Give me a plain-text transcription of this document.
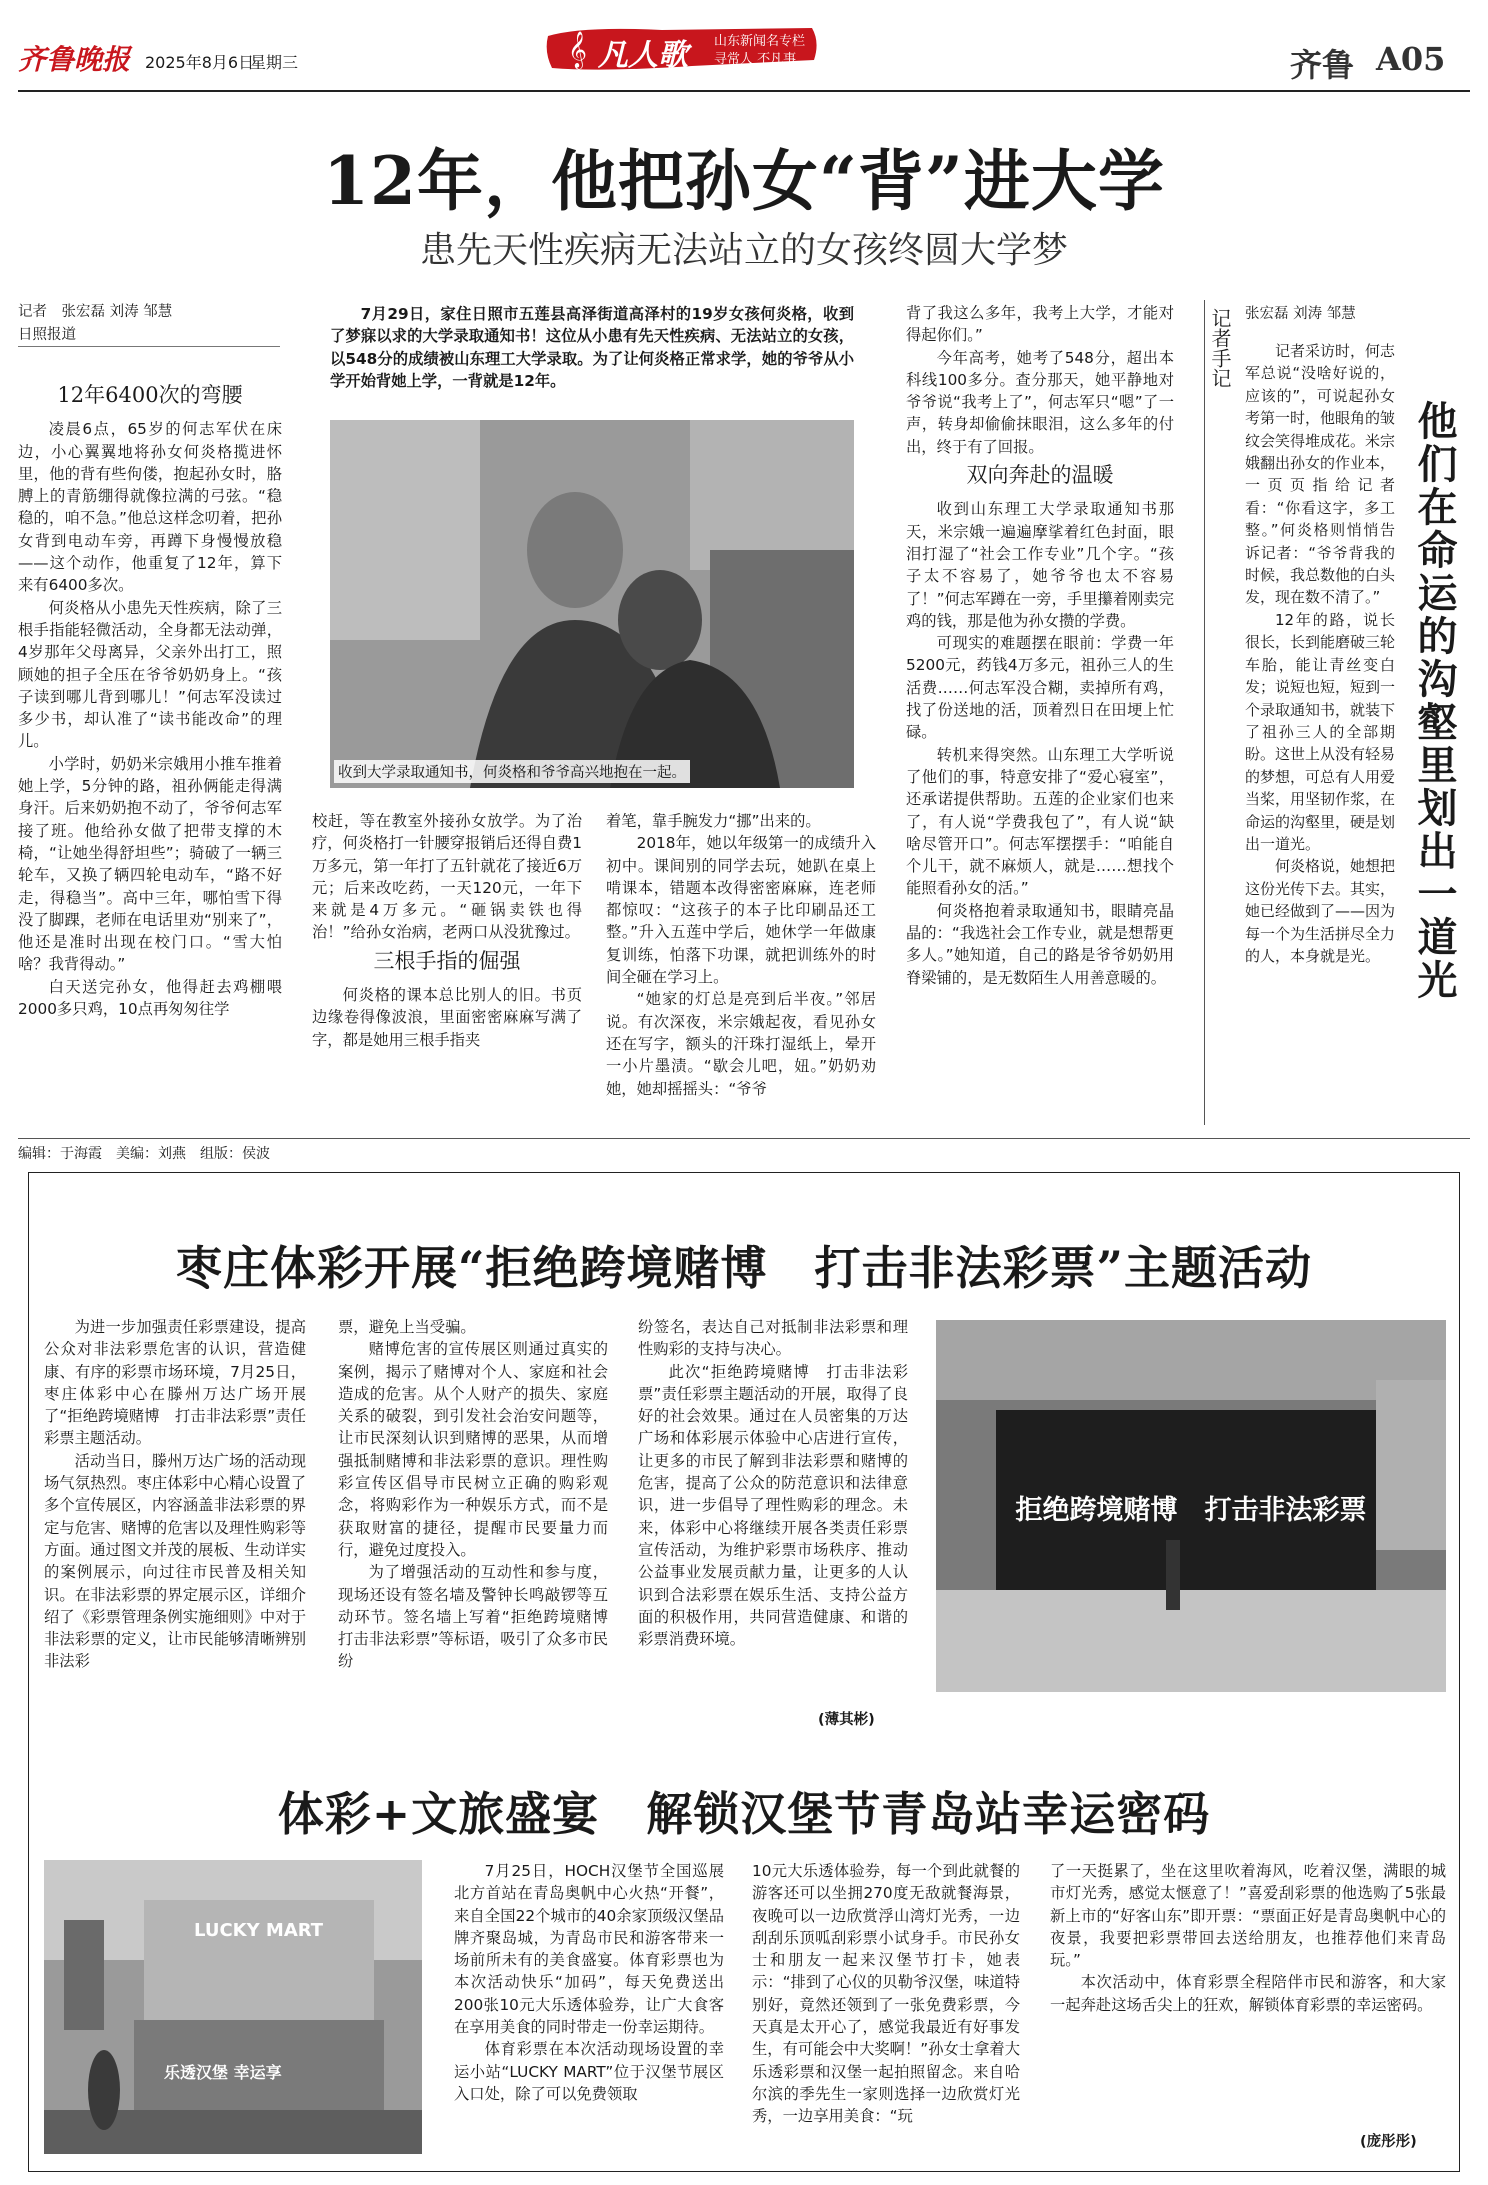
齐鲁晚报 2025年8月6日
星期三	𝄞 凡人歌 山东新闻名专栏
寻常人 不凡事	齐鲁 A05
12年，他把孙女“背”进大学
患先天性疾病无法站立的女孩终圆大学梦
记者　张宏磊 刘涛 邹慧
日照报道
7月29日，家住日照市五莲县高泽街道高泽村的19岁女孩何炎格，收到了梦寐以求的大学录取通知书！这位从小患有先天性疾病、无法站立的女孩，以548分的成绩被山东理工大学录取。为了让何炎格正常求学，她的爷爷从小学开始背她上学，一背就是12年。
收到大学录取通知书，何炎格和爷爷高兴地抱在一起。
12年6400次的弯腰

凌晨6点，65岁的何志军伏在床边，小心翼翼地将孙女何炎格揽进怀里，他的背有些佝偻，抱起孙女时，胳膊上的青筋绷得就像拉满的弓弦。“稳稳的，咱不急。”他总这样念叨着，把孙女背到电动车旁，再蹲下身慢慢放稳——这个动作，他重复了12年，算下来有6400多次。

何炎格从小患先天性疾病，除了三根手指能轻微活动，全身都无法动弹，4岁那年父母离异，父亲外出打工，照顾她的担子全压在爷爷奶奶身上。“孩子读到哪儿背到哪儿！”何志军没读过多少书，却认准了“读书能改命”的理儿。

小学时，奶奶米宗娥用小推车推着她上学，5分钟的路，祖孙俩能走得满身汗。后来奶奶抱不动了，爷爷何志军接了班。他给孙女做了把带支撑的木椅，“让她坐得舒坦些”；骑破了一辆三轮车，又换了辆四轮电动车，“路不好走，得稳当”。高中三年，哪怕雪下得没了脚踝，老师在电话里劝“别来了”，他还是准时出现在校门口。“雪大怕啥？我背得动。”

白天送完孙女，他得赶去鸡棚喂2000多只鸡，10点再匆匆往学

校赶，等在教室外接孙女放学。为了治疗，何炎格打一针腰穿报销后还得自费1万多元，第一年打了五针就花了接近6万元；后来改吃药，一天120元，一年下来就是4万多元。“砸锅卖铁也得治！”给孙女治病，老两口从没犹豫过。

三根手指的倔强

何炎格的课本总比别人的旧。书页边缘卷得像波浪，里面密密麻麻写满了字，都是她用三根手指夹

着笔，靠手腕发力“挪”出来的。

2018年，她以年级第一的成绩升入初中。课间别的同学去玩，她趴在桌上啃课本，错题本改得密密麻麻，连老师都惊叹：“这孩子的本子比印刷品还工整。”升入五莲中学后，她休学一年做康复训练，怕落下功课，就把训练外的时间全砸在学习上。

“她家的灯总是亮到后半夜。”邻居说。有次深夜，米宗娥起夜，看见孙女还在写字，额头的汗珠打湿纸上，晕开一小片墨渍。“歇会儿吧，妞。”奶奶劝她，她却摇摇头：“爷爷

背了我这么多年，我考上大学，才能对得起你们。”

今年高考，她考了548分，超出本科线100多分。查分那天，她平静地对爷爷说“我考上了”，何志军只“嗯”了一声，转身却偷偷抹眼泪，这么多年的付出，终于有了回报。

双向奔赴的温暖

收到山东理工大学录取通知书那天，米宗娥一遍遍摩挲着红色封面，眼泪打湿了“社会工作专业”几个字。“孩子太不容易了，她爷爷也太不容易了！”何志军蹲在一旁，手里攥着刚卖完鸡的钱，那是他为孙女攒的学费。

可现实的难题摆在眼前：学费一年5200元，药钱4万多元，祖孙三人的生活费……何志军没合糊，卖掉所有鸡，找了份送地的活，顶着烈日在田埂上忙碌。

转机来得突然。山东理工大学听说了他们的事，特意安排了“爱心寝室”，还承诺提供帮助。五莲的企业家们也来了，有人说“学费我包了”，有人说“缺啥尽管开口”。何志军摆摆手：“咱能自个儿干，就不麻烦人，就是……想找个能照看孙女的活。”

何炎格抱着录取通知书，眼睛亮晶晶的：“我选社会工作专业，就是想帮更多人。”她知道，自己的路是爷爷奶奶用脊梁铺的，是无数陌生人用善意暖的。

记者手记 张宏磊 刘涛 邹慧

记者采访时，何志军总说“没啥好说的，应该的”，可说起孙女考第一时，他眼角的皱纹会笑得堆成花。米宗娥翻出孙女的作业本，一页页指给记者看：“你看这字，多工整。”何炎格则悄悄告诉记者：“爷爷背我的时候，我总数他的白头发，现在数不清了。”

12年的路，说长很长，长到能磨破三轮车胎，能让青丝变白发；说短也短，短到一个录取通知书，就装下了祖孙三人的全部期盼。这世上从没有轻易的梦想，可总有人用爱当桨，用坚韧作浆，在命运的沟壑里，硬是划出一道光。

何炎格说，她想把这份光传下去。其实，她已经做到了——因为每一个为生活拼尽全力的人，本身就是光。 他们在命运的沟壑里划出一道光
编辑：于海霞　美编：刘燕　组版：侯波
枣庄体彩开展“拒绝跨境赌博　打击非法彩票”主题活动

为进一步加强责任彩票建设，提高公众对非法彩票危害的认识，营造健康、有序的彩票市场环境，7月25日，枣庄体彩中心在滕州万达广场开展了“拒绝跨境赌博　打击非法彩票”责任彩票主题活动。

活动当日，滕州万达广场的活动现场气氛热烈。枣庄体彩中心精心设置了多个宣传展区，内容涵盖非法彩票的界定与危害、赌博的危害以及理性购彩等方面。通过图文并茂的展板、生动详实的案例展示，向过往市民普及相关知识。在非法彩票的界定展示区，详细介绍了《彩票管理条例实施细则》中对于非法彩票的定义，让市民能够清晰辨别非法彩

票，避免上当受骗。

赌博危害的宣传展区则通过真实的案例，揭示了赌博对个人、家庭和社会造成的危害。从个人财产的损失、家庭关系的破裂，到引发社会治安问题等，让市民深刻认识到赌博的恶果，从而增强抵制赌博和非法彩票的意识。理性购彩宣传区倡导市民树立正确的购彩观念，将购彩作为一种娱乐方式，而不是获取财富的捷径，提醒市民要量力而行，避免过度投入。

为了增强活动的互动性和参与度，现场还设有签名墙及警钟长鸣敲锣等互动环节。签名墙上写着“拒绝跨境赌博　打击非法彩票”等标语，吸引了众多市民纷

纷签名，表达自己对抵制非法彩票和理性购彩的支持与决心。

此次“拒绝跨境赌博　打击非法彩票”责任彩票主题活动的开展，取得了良好的社会效果。通过在人员密集的万达广场和体彩展示体验中心店进行宣传，让更多的市民了解到非法彩票和赌博的危害，提高了公众的防范意识和法律意识，进一步倡导了理性购彩的理念。未来，体彩中心将继续开展各类责任彩票宣传活动，为维护彩票市场秩序、推动公益事业发展贡献力量，让更多的人认识到合法彩票在娱乐生活、支持公益方面的积极作用，共同营造健康、和谐的彩票消费环境。

(薄其彬)
拒绝跨境赌博　打击非法彩票
体彩+文旅盛宴　解锁汉堡节青岛站幸运密码
LUCKY MART
乐透汉堡 幸运享

7月25日，HOCH汉堡节全国巡展北方首站在青岛奥帆中心火热“开餐”，来自全国22个城市的40余家顶级汉堡品牌齐聚岛城，为青岛市民和游客带来一场前所未有的美食盛宴。体育彩票也为本次活动快乐“加码”，每天免费送出200张10元大乐透体验券，让广大食客在享用美食的同时带走一份幸运期待。

体育彩票在本次活动现场设置的幸运小站“LUCKY MART”位于汉堡节展区入口处，除了可以免费领取

10元大乐透体验券，每一个到此就餐的游客还可以坐拥270度无敌就餐海景，夜晚可以一边欣赏浮山湾灯光秀，一边刮刮乐顶呱刮彩票小试身手。市民孙女士和朋友一起来汉堡节打卡，她表示：“排到了心仪的贝勒爷汉堡，味道特别好，竟然还领到了一张免费彩票，今天真是太开心了，感觉我最近有好事发生，有可能会中大奖啊！”孙女士拿着大乐透彩票和汉堡一起拍照留念。来自哈尔滨的季先生一家则选择一边欣赏灯光秀，一边享用美食：“玩

了一天挺累了，坐在这里吹着海风，吃着汉堡，满眼的城市灯光秀，感觉太惬意了！”喜爱刮彩票的他选购了5张最新上市的“好客山东”即开票：“票面正好是青岛奥帆中心的夜景，我要把彩票带回去送给朋友，也推荐他们来青岛玩。”

本次活动中，体育彩票全程陪伴市民和游客，和大家一起奔赴这场舌尖上的狂欢，解锁体育彩票的幸运密码。

(庞彤彤)
